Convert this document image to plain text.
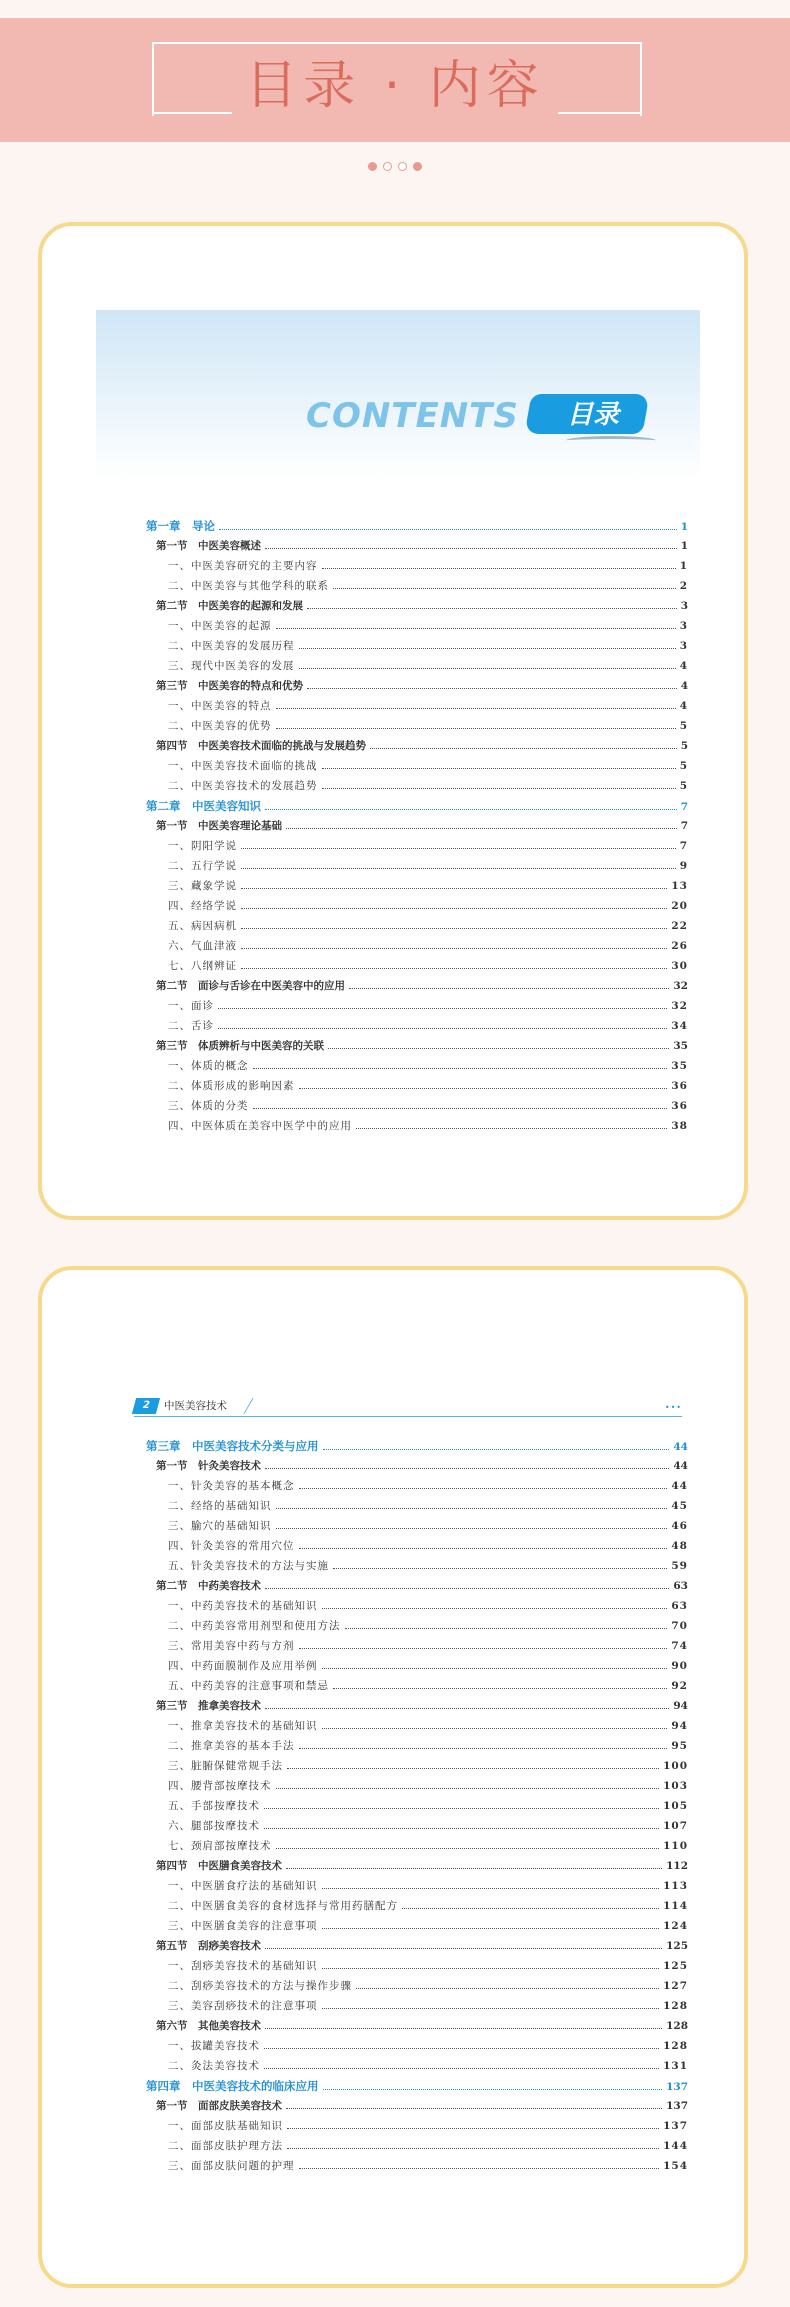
目录 · 内容
CONTENTS	目录
第一章　导论	1
第一节　中医美容概述	1
一、中医美容研究的主要内容	1
二、中医美容与其他学科的联系	2
第二节　中医美容的起源和发展	3
一、中医美容的起源	3
二、中医美容的发展历程	3
三、现代中医美容的发展	4
第三节　中医美容的特点和优势	4
一、中医美容的特点	4
二、中医美容的优势	5
第四节　中医美容技术面临的挑战与发展趋势	5
一、中医美容技术面临的挑战	5
二、中医美容技术的发展趋势	5
第二章　中医美容知识	7
第一节　中医美容理论基础	7
一、阴阳学说	7
二、五行学说	9
三、藏象学说	13
四、经络学说	20
五、病因病机	22
六、气血津液	26
七、八纲辨证	30
第二节　面诊与舌诊在中医美容中的应用	32
一、面诊	32
二、舌诊	34
第三节　体质辨析与中医美容的关联	35
一、体质的概念	35
二、体质形成的影响因素	36
三、体质的分类	36
四、中医体质在美容中医学中的应用	38
2	中医美容技术	•••
第三章　中医美容技术分类与应用	44
第一节　针灸美容技术	44
一、针灸美容的基本概念	44
二、经络的基础知识	45
三、腧穴的基础知识	46
四、针灸美容的常用穴位	48
五、针灸美容技术的方法与实施	59
第二节　中药美容技术	63
一、中药美容技术的基础知识	63
二、中药美容常用剂型和使用方法	70
三、常用美容中药与方剂	74
四、中药面膜制作及应用举例	90
五、中药美容的注意事项和禁忌	92
第三节　推拿美容技术	94
一、推拿美容技术的基础知识	94
二、推拿美容的基本手法	95
三、脏腑保健常规手法	100
四、腰背部按摩技术	103
五、手部按摩技术	105
六、腿部按摩技术	107
七、颈肩部按摩技术	110
第四节　中医膳食美容技术	112
一、中医膳食疗法的基础知识	113
二、中医膳食美容的食材选择与常用药膳配方	114
三、中医膳食美容的注意事项	124
第五节　刮痧美容技术	125
一、刮痧美容技术的基础知识	125
二、刮痧美容技术的方法与操作步骤	127
三、美容刮痧技术的注意事项	128
第六节　其他美容技术	128
一、拔罐美容技术	128
二、灸法美容技术	131
第四章　中医美容技术的临床应用	137
第一节　面部皮肤美容技术	137
一、面部皮肤基础知识	137
二、面部皮肤护理方法	144
三、面部皮肤问题的护理	154
